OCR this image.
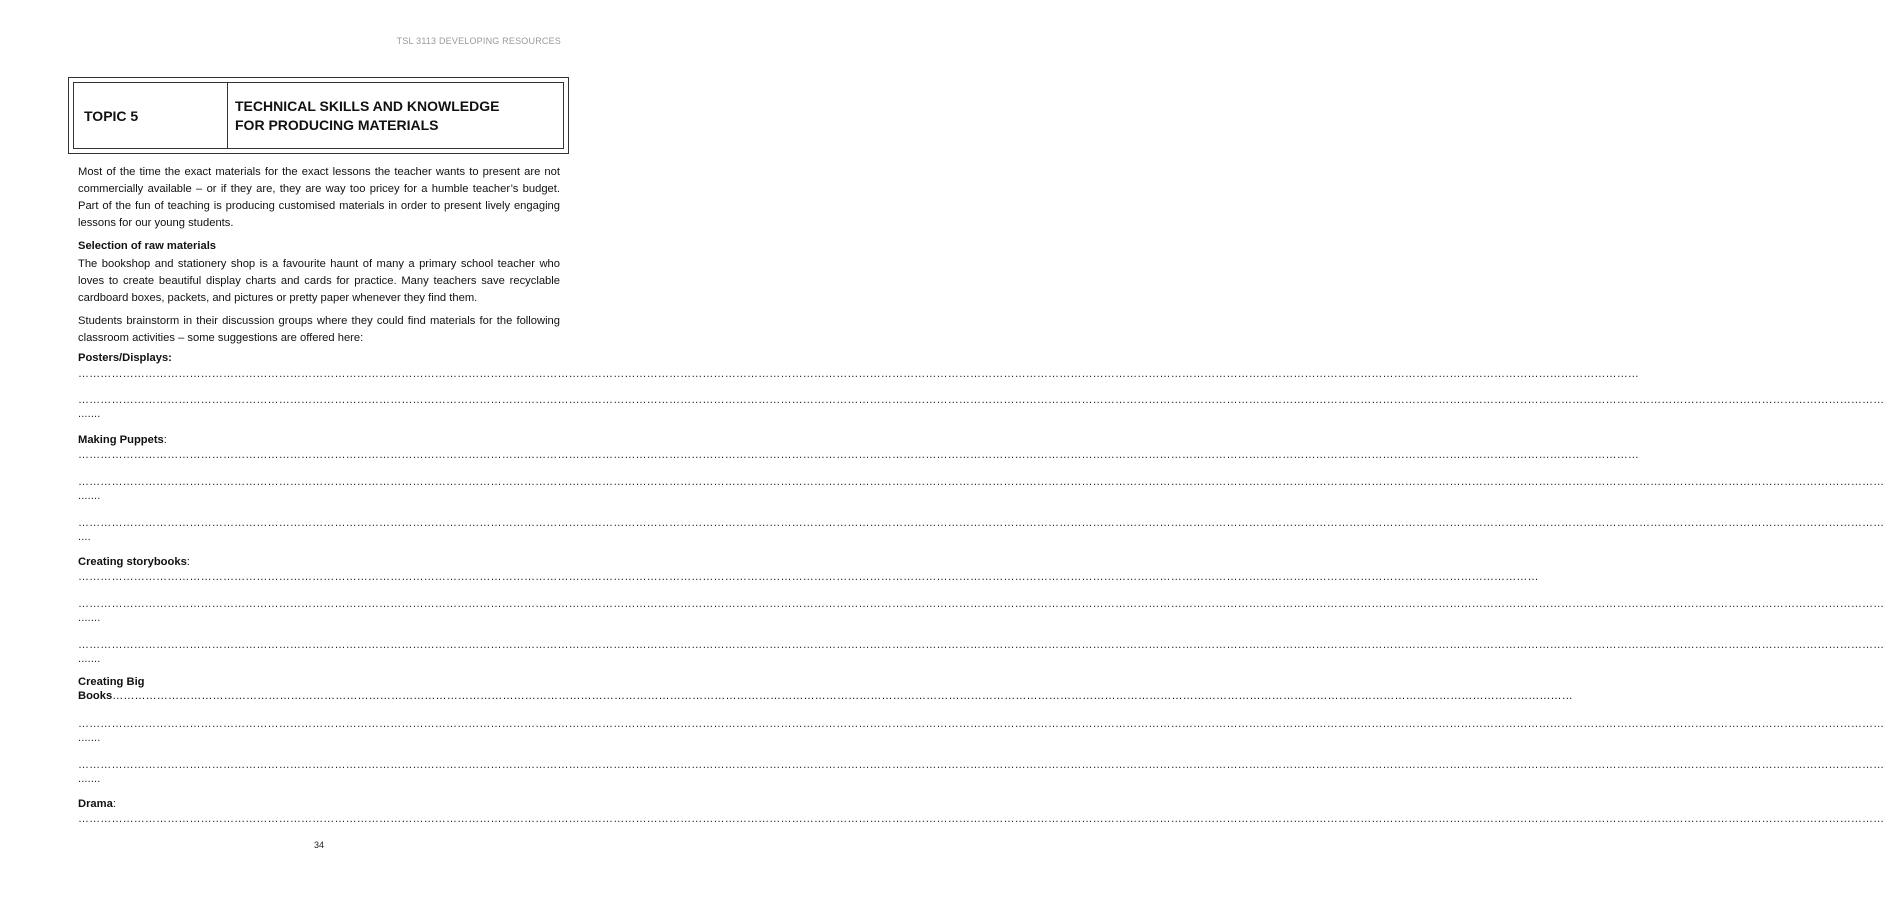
TSL 3113 DEVELOPING RESOURCES
TOPIC 5
TECHNICAL SKILLS AND KNOWLEDGE
FOR PRODUCING MATERIALS
Most of the time the exact materials for the exact lessons the teacher wants to present are not commercially available – or if they are, they are way too pricey for a humble teacher’s budget. Part of the fun of teaching is producing customised materials in order to present lively engaging lessons for our young students.
Selection of raw materials
The bookshop and stationery shop is a favourite haunt of many a primary school teacher who loves to create beautiful display charts and cards for practice. Many teachers save recyclable cardboard boxes, packets, and pictures or pretty paper whenever they find them.
Students brainstorm in their discussion groups where they could find materials for the following classroom activities – some suggestions are offered here:
Posters/Displays:
……………………………………………………………………………………………………………………………………………………………………………………………………………………………………………………………………………………………………………………………………………………………………………………
………………………………………………………………………………………………………………………………………………………………………………………………………………………………………………………………………………………………………………………………………………………………………………………………………………………………………………
.......
Making Puppets:
……………………………………………………………………………………………………………………………………………………………………………………………………………………………………………………………………………………………………………………………………………………………………………………
………………………………………………………………………………………………………………………………………………………………………………………………………………………………………………………………………………………………………………………………………………………………………………………………………………………………………………
.......
………………………………………………………………………………………………………………………………………………………………………………………………………………………………………………………………………………………………………………………………………………………………………………………………………………………………………………
....
Creating storybooks:
……………………………………………………………………………………………………………………………………………………………………………………………………………………………………………………………………………………………………………………………………………………………
………………………………………………………………………………………………………………………………………………………………………………………………………………………………………………………………………………………………………………………………………………………………………………………………………………………………………………
.......
………………………………………………………………………………………………………………………………………………………………………………………………………………………………………………………………………………………………………………………………………………………………………………………………………………………………………………
.......
Creating Big
Books……………………………………………………………………………………………………………………………………………………………………………………………………………………………………………………………………………………………………………………………………………………………
………………………………………………………………………………………………………………………………………………………………………………………………………………………………………………………………………………………………………………………………………………………………………………………………………………………………………………
.......
………………………………………………………………………………………………………………………………………………………………………………………………………………………………………………………………………………………………………………………………………………………………………………………………………………………………………………
.......
Drama:
………………………………………………………………………………………………………………………………………………………………………………………………………………………………………………………………………………………………………………………………………………………………………………………………………………………………………………
34
